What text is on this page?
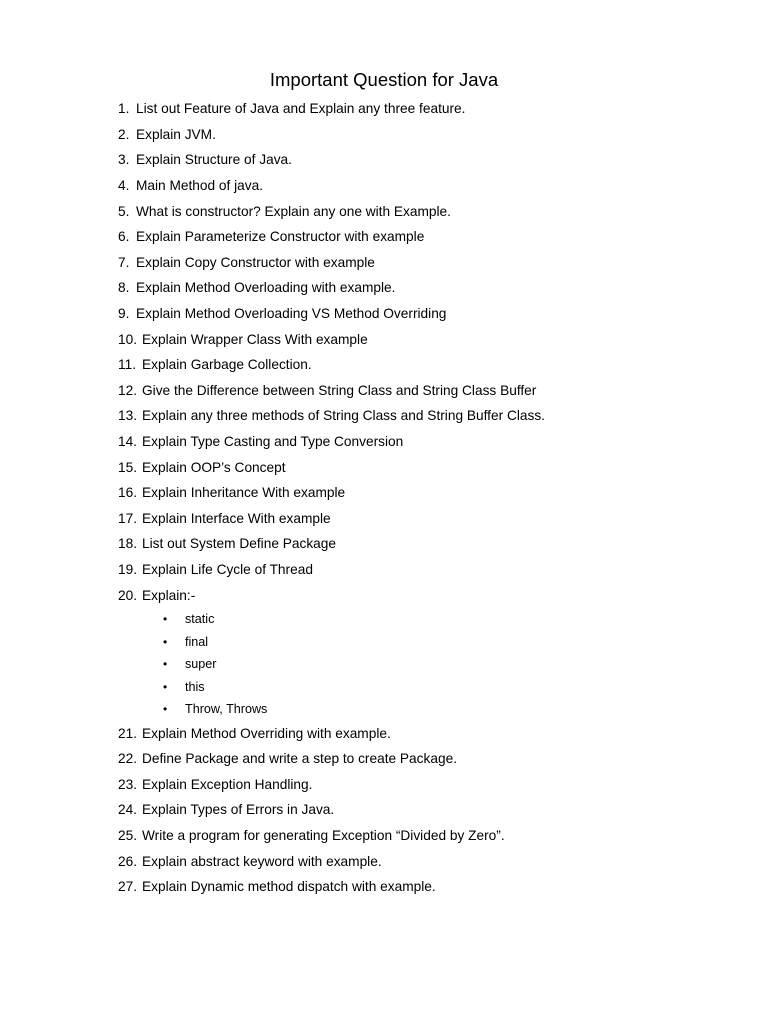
Important Question for Java
1. List out Feature of Java and Explain any three feature.
2. Explain JVM.
3. Explain Structure of Java.
4. Main Method of java.
5. What is constructor? Explain any one with Example.
6. Explain Parameterize Constructor with example
7. Explain Copy Constructor with example
8. Explain Method Overloading with example.
9. Explain Method Overloading VS Method Overriding
10. Explain Wrapper Class With example
11. Explain Garbage Collection.
12. Give the Difference between String Class and String Class Buffer
13. Explain any three methods of String Class and String Buffer Class.
14. Explain Type Casting and Type Conversion
15. Explain OOP’s Concept
16. Explain Inheritance With example
17. Explain Interface With example
18. List out System Define Package
19. Explain Life Cycle of Thread
20. Explain:-
•	static
•	final
•	super
•	this
•	Throw, Throws
21. Explain Method Overriding with example.
22. Define Package and write a step to create Package.
23. Explain Exception Handling.
24. Explain Types of Errors in Java.
25. Write a program for generating Exception “Divided by Zero”.
26. Explain abstract keyword with example.
27. Explain Dynamic method dispatch with example.
